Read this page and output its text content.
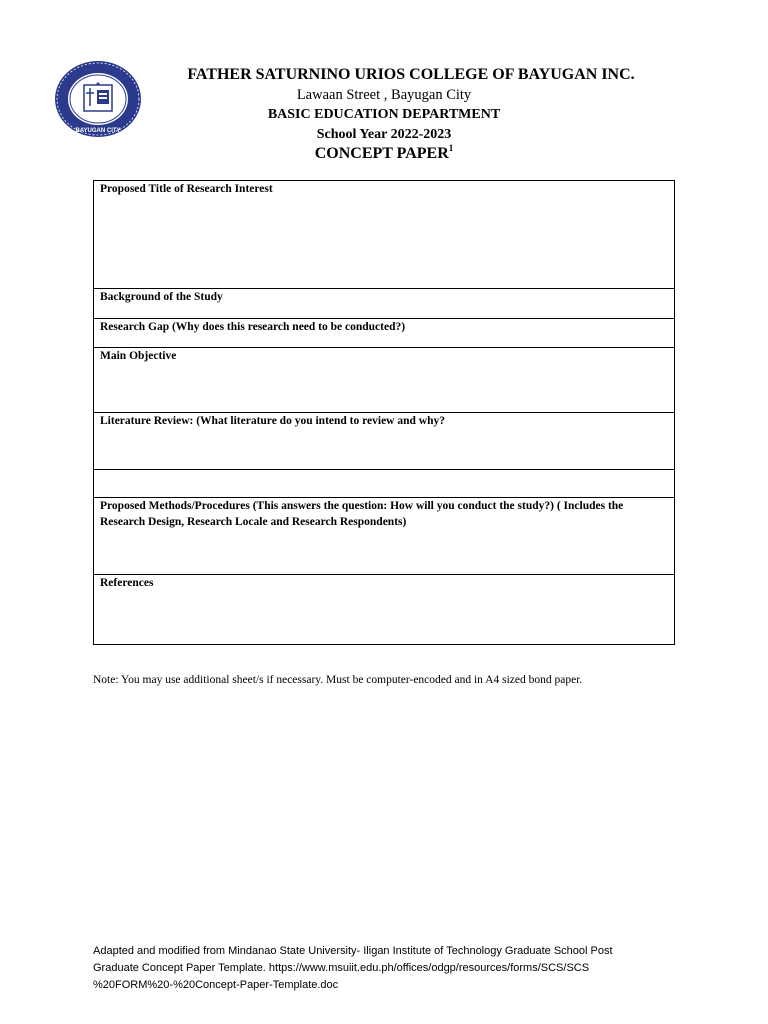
BAYUGAN CITY
FATHER SATURNINO URIOS COLLEGE OF BAYUGAN INC.
Lawaan Street , Bayugan City
BASIC EDUCATION DEPARTMENT
School Year 2022-2023
CONCEPT PAPER$^1$
Proposed Title of Research Interest

Background of the Study

Research Gap (Why does this research need to be conducted?)

Main Objective

Literature Review: (What literature do you intend to review and why?

Proposed Methods/Procedures (This answers the question: How will you conduct the study?) ( Includes the Research Design, Research Locale and Research Respondents)

References
Note: You may use additional sheet/s if necessary. Must be computer-encoded and in A4 sized bond paper.
Adapted and modified from Mindanao State University- Iligan Institute of Technology Graduate School Post
Graduate Concept Paper Template. https://www.msuiit.edu.ph/offices/odgp/resources/forms/SCS/SCS
%20FORM%20-%20Concept-Paper-Template.doc
